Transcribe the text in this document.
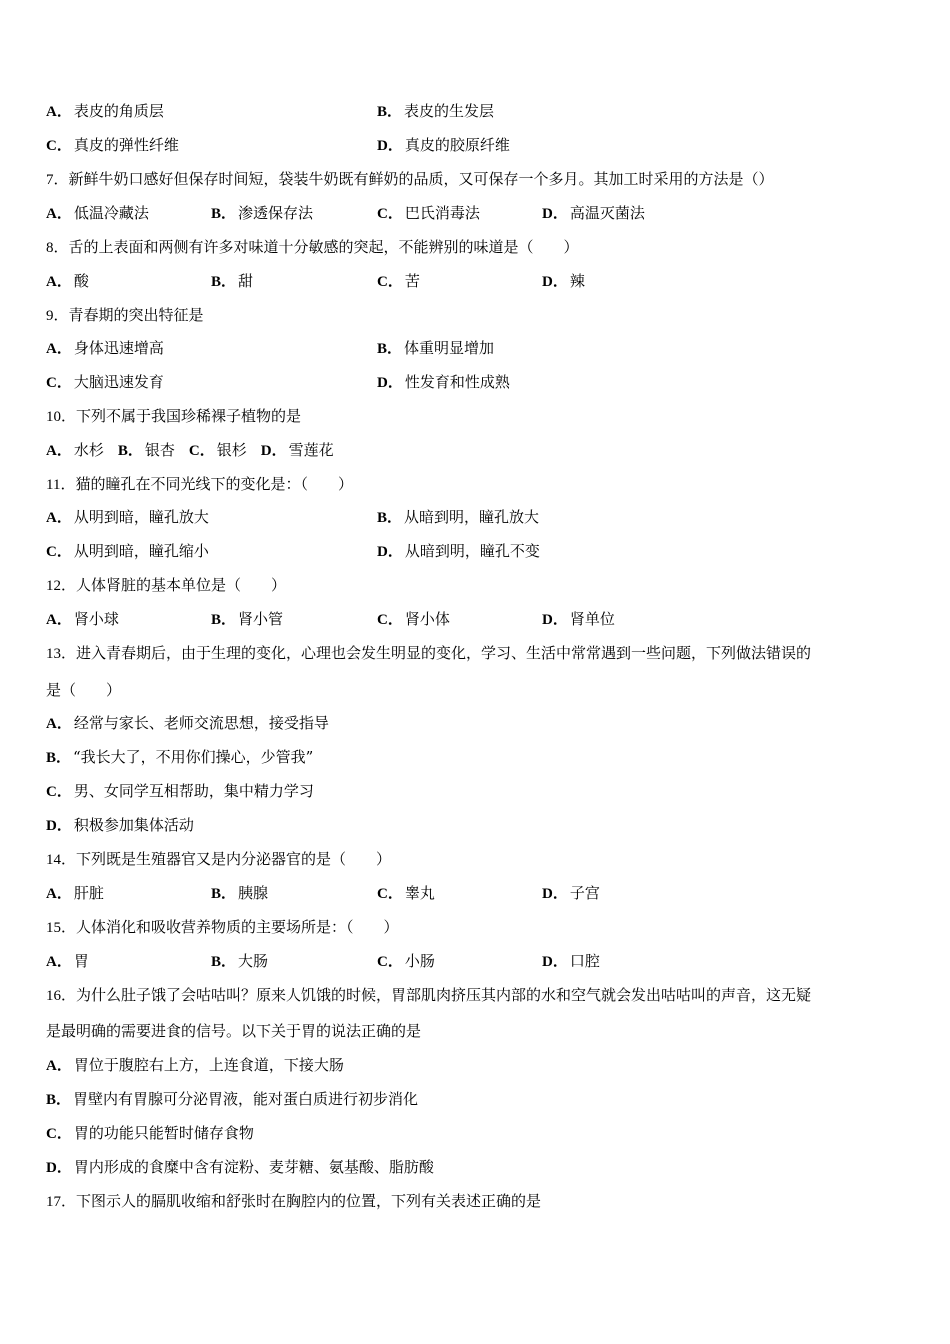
A． 表皮的角质层	B． 表皮的生发层
C． 真皮的弹性纤维	D． 真皮的胶原纤维
7．新鲜牛奶口感好但保存时间短，袋装牛奶既有鲜奶的品质，又可保存一个多月。其加工时采用的方法是（）
A． 低温冷藏法	B． 渗透保存法	C． 巴氏消毒法	D． 高温灭菌法
8．舌的上表面和两侧有许多对味道十分敏感的突起，不能辨别的味道是（　　）
A． 酸	B． 甜	C． 苦	D． 辣
9．青春期的突出特征是
A． 身体迅速增高	B． 体重明显增加
C． 大脑迅速发育	D． 性发育和性成熟
10．下列不属于我国珍稀裸子植物的是
A． 水杉 B． 银杏 C． 银杉 D． 雪莲花
11．猫的瞳孔在不同光线下的变化是：（　　）
A． 从明到暗，瞳孔放大	B． 从暗到明，瞳孔放大
C． 从明到暗，瞳孔缩小	D． 从暗到明，瞳孔不变
12．人体肾脏的基本单位是（　　）
A． 肾小球	B． 肾小管	C． 肾小体	D． 肾单位
13．进入青春期后，由于生理的变化，心理也会发生明显的变化，学习、生活中常常遇到一些问题，下列做法错误的
是（　　）
A． 经常与家长、老师交流思想，接受指导
B． “我长大了，不用你们操心，少管我”
C． 男、女同学互相帮助，集中精力学习
D． 积极参加集体活动
14．下列既是生殖器官又是内分泌器官的是（　　）
A． 肝脏	B． 胰腺	C． 睾丸	D． 子宫
15．人体消化和吸收营养物质的主要场所是：（　　）
A． 胃	B． 大肠	C． 小肠	D． 口腔
16．为什么肚子饿了会咕咕叫？原来人饥饿的时候，胃部肌肉挤压其内部的水和空气就会发出咕咕叫的声音，这无疑
是最明确的需要进食的信号。以下关于胃的说法正确的是
A． 胃位于腹腔右上方，上连食道，下接大肠
B． 胃壁内有胃腺可分泌胃液，能对蛋白质进行初步消化
C． 胃的功能只能暂时储存食物
D． 胃内形成的食糜中含有淀粉、麦芽糖、氨基酸、脂肪酸
17．下图示人的膈肌收缩和舒张时在胸腔内的位置，下列有关表述正确的是
